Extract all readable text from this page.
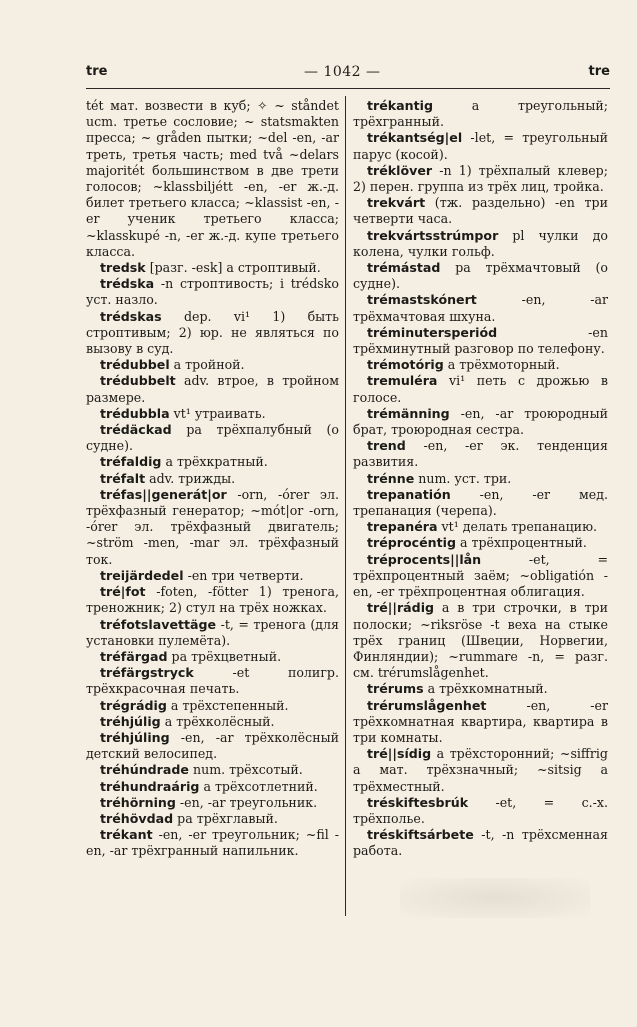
tre	— 1042 —	tre

tét мат. возвести в куб; ✧ ~ ståndet ucm. третье сословие; ~ statsmakten пресса; ~ gråden пытки; ~del -en, -ar треть, третья часть; med två ~delars majoritét большинством в две трети голосов; ~klassbiljétt -en, -er ж.-д. билет третьего класса; ~klassist -en, -er ученик третьего класса; ~klasskupé -n, -er ж.-д. купе третьего класса.

tredsk [разг. -esk] a строптивый.

trédska -n строптивость; i trédsko уст. назло.

trédskas dep. vi¹ 1) быть строптивым; 2) юр. не являться по вызову в суд.

trédubbel a тройной.

trédubbelt adv. втрое, в тройном размере.

trédubbla vt¹ утраивать.

trédäckad pa трёхпалубный (о судне).

tréfaldig a трёхкратный.

tréfalt adv. трижды.

tréfas||generát|or -orn, -órer эл. трёхфазный генератор; ~mót|or -orn, -órer эл. трёхфазный двигатель; ~ström -men, -mar эл. трёхфазный ток.

treijärdedel -en три четверти.

tré|fot -foten, -fötter 1) тренога, треножник; 2) стул на трёх ножках.

tréfotslavettäge -t, = тренога (для установки пулемёта).

tréfärgad pa трёхцветный.

tréfärgstryck	-et полигр. трёхкрасочная печать.

trégrádig a трёхстепенный.

tréhjúlig a трёхколёсный.

tréhjúling -en, -ar трёхколёсный детский велосипед.

tréhúndrade num. трёхсотый.

tréhundraárig a трёхсотлетний.

tréhörning -en, -ar треугольник.

tréhövdad pa трёхглавый.

trékant -en, -er треугольник; ~fil -en, -ar трёхгранный напильник.

trékantig	a треугольный; трёхгранный.

trékantség|el -let, = треугольный парус (косой).

tréklöver -n 1) трёхпалый клевер; 2) перен. группа из трёх лиц, тройка.

trekvárt (тж. раздельно) -en три четверти часа.

trekvártsstrúmpor pl чулки до колена, чулки гольф.

trémástad pa трёхмачтовый (о судне).

trémastskónert	-en, -ar трёхмачтовая шхуна.

tréminutersperiód	-en трёхминутный разговор по телефону.

trémotórig a трёхмоторный.

tremuléra vi¹ петь с дрожью в голосе.

trémänning -en, -ar троюродный брат, троюродная сестра.

trend -en, -er эк. тенденция развития.

trénne num. уст. три.

trepanatión -en, -er мед. трепанация (черепа).

trepanéra vt¹ делать трепанацию.

tréprocéntig a трёхпроцентный.

tréprocents||lån	-et, = трёхпроцентный заём; ~obligatión -en, -er трёхпроцентная облигация.

tré||rádig a в три строчки, в три полоски; ~riksröse -t веха на стыке трёх границ (Швеции, Норвегии, Финляндии); ~rummare -n, = разг. см. trérumslågenhet.

trérums a трёхкомнатный.

trérumslågenhet	-en, -er трёхкомнатная квартира, квартира в три комнаты.

tré||sídig a трёхсторонний; ~siffrig a мат. трёхзначный; ~sitsig a трёхместный.

tréskiftesbrúk -et, = с.-х. трёхполье.

tréskiftsárbete -t, -n трёхсменная работа.
